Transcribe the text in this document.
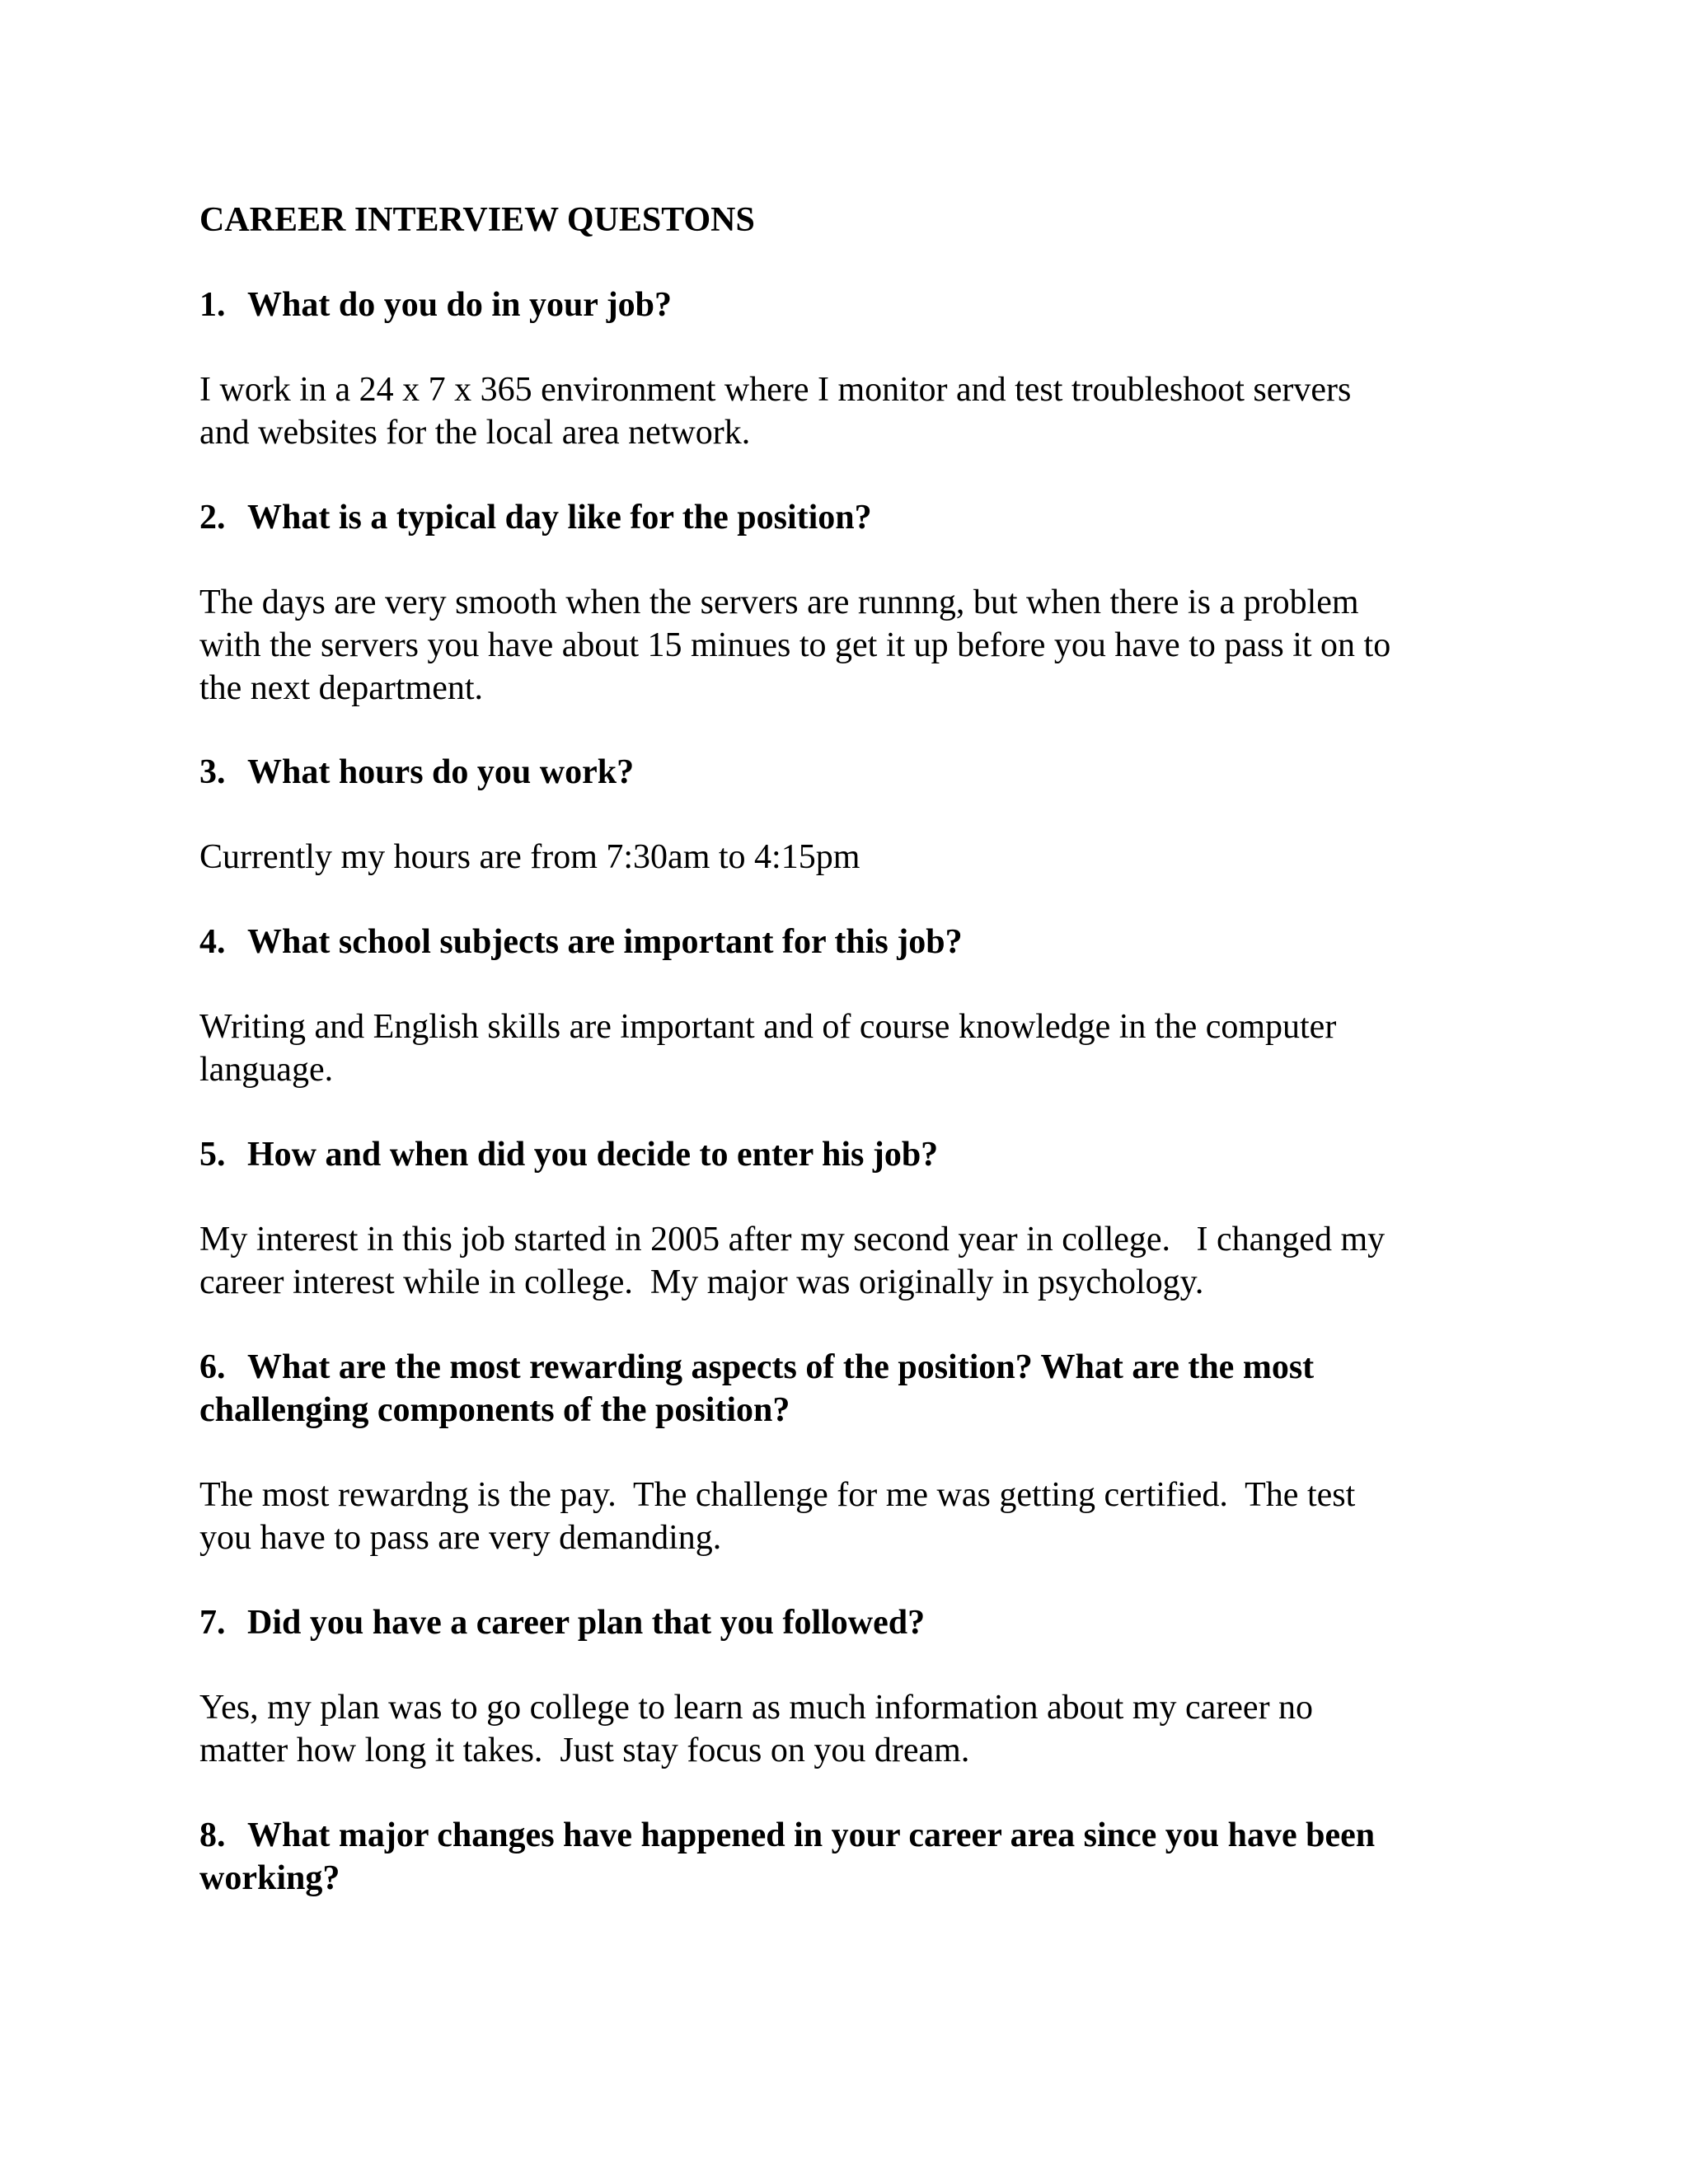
CAREER INTERVIEW QUESTONS

1. What do you do in your job?

I work in a 24 x 7 x 365 environment where I monitor and test troubleshoot servers

and websites for the local area network.

2. What is a typical day like for the position?

The days are very smooth when the servers are runnng, but when there is a problem

with the servers you have about 15 minues to get it up before you have to pass it on to

the next department.

3. What hours do you work?

Currently my hours are from 7:30am to 4:15pm

4. What school subjects are important for this job?

Writing and English skills are important and of course knowledge in the computer

language.

5. How and when did you decide to enter his job?

My interest in this job started in 2005 after my second year in college.   I changed my

career interest while in college.  My major was originally in psychology.

6. What are the most rewarding aspects of the position? What are the most

challenging components of the position?

The most rewardng is the pay.  The challenge for me was getting certified.  The test

you have to pass are very demanding.

7. Did you have a career plan that you followed?

Yes, my plan was to go college to learn as much information about my career no

matter how long it takes.  Just stay focus on you dream.

8. What major changes have happened in your career area since you have been

working?
